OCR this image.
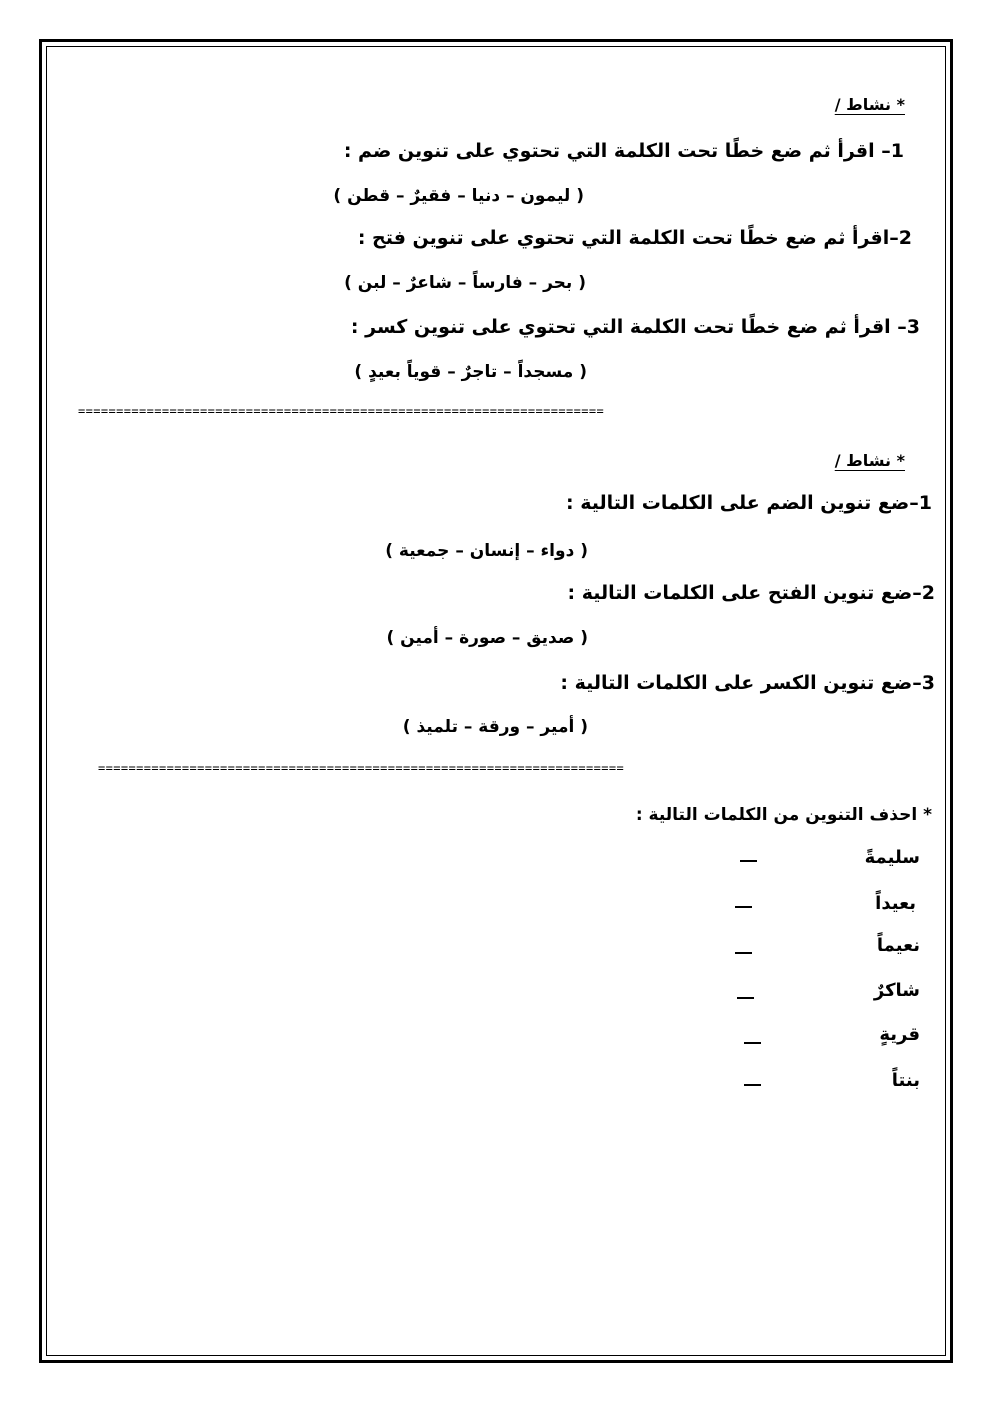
* نشاط /
1– اقرأ ثم ضع خطًا تحت الكلمة التي تحتوي على تنوين ضم :
( ليمون – دنيا – فقيرٌ – قطن )
2–اقرأ ثم ضع خطًا تحت الكلمة التي تحتوي على تنوين فتح :
( بحر – فارساً – شاعرٌ – لبن )
3– اقرأ ثم ضع خطًا تحت الكلمة التي تحتوي على تنوين كسر :
( مسجداً – تاجرٌ – قوياً بعيدٍ )
=====================================================================
* نشاط /
1–ضع تنوين الضم على الكلمات التالية :
( دواء – إنسان – جمعية )
2–ضع تنوين الفتح على الكلمات التالية :
( صديق – صورة – أمين )
3–ضع تنوين الكسر على الكلمات التالية :
( أمير – ورقة – تلميذ )
=====================================================================
* احذف التنوين من الكلمات التالية :
سليمةً
بعيداً
نعيماً
شاكرٌ
قريةٍ
بنتاً
